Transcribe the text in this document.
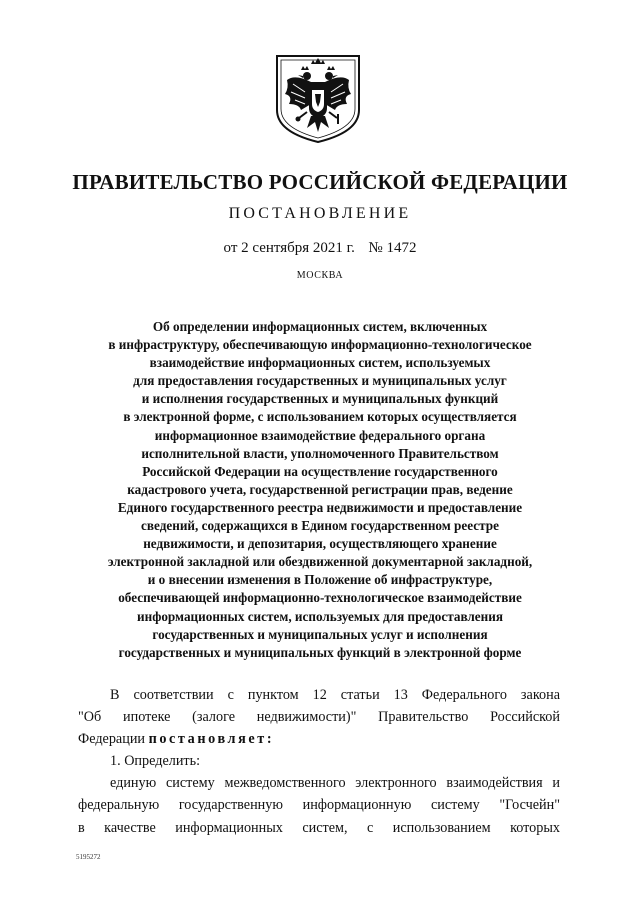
ПРАВИТЕЛЬСТВО РОССИЙСКОЙ ФЕДЕРАЦИИ
ПОСТАНОВЛЕНИЕ
от 2 сентября 2021 г. № 1472
МОСКВА
Об определении информационных систем, включенных
в инфраструктуру, обеспечивающую информационно-технологическое
взаимодействие информационных систем, используемых
для предоставления государственных и муниципальных услуг
и исполнения государственных и муниципальных функций
в электронной форме, с использованием которых осуществляется
информационное взаимодействие федерального органа
исполнительной власти, уполномоченного Правительством
Российской Федерации на осуществление государственного
кадастрового учета, государственной регистрации прав, ведение
Единого государственного реестра недвижимости и предоставление
сведений, содержащихся в Едином государственном реестре
недвижимости, и депозитария, осуществляющего хранение
электронной закладной или обездвиженной документарной закладной,
и о внесении изменения в Положение об инфраструктуре,
обеспечивающей информационно-технологическое взаимодействие
информационных систем, используемых для предоставления
государственных и муниципальных услуг и исполнения
государственных и муниципальных функций в электронной форме
В соответствии с пунктом 12 статьи 13 Федерального закона
"Об ипотеке (залоге недвижимости)" Правительство Российской
Федерации постановляет:
1. Определить:
единую систему межведомственного электронного взаимодействия и
федеральную государственную информационную систему "Госчейн"
в качестве информационных систем, с использованием которых
5195272
